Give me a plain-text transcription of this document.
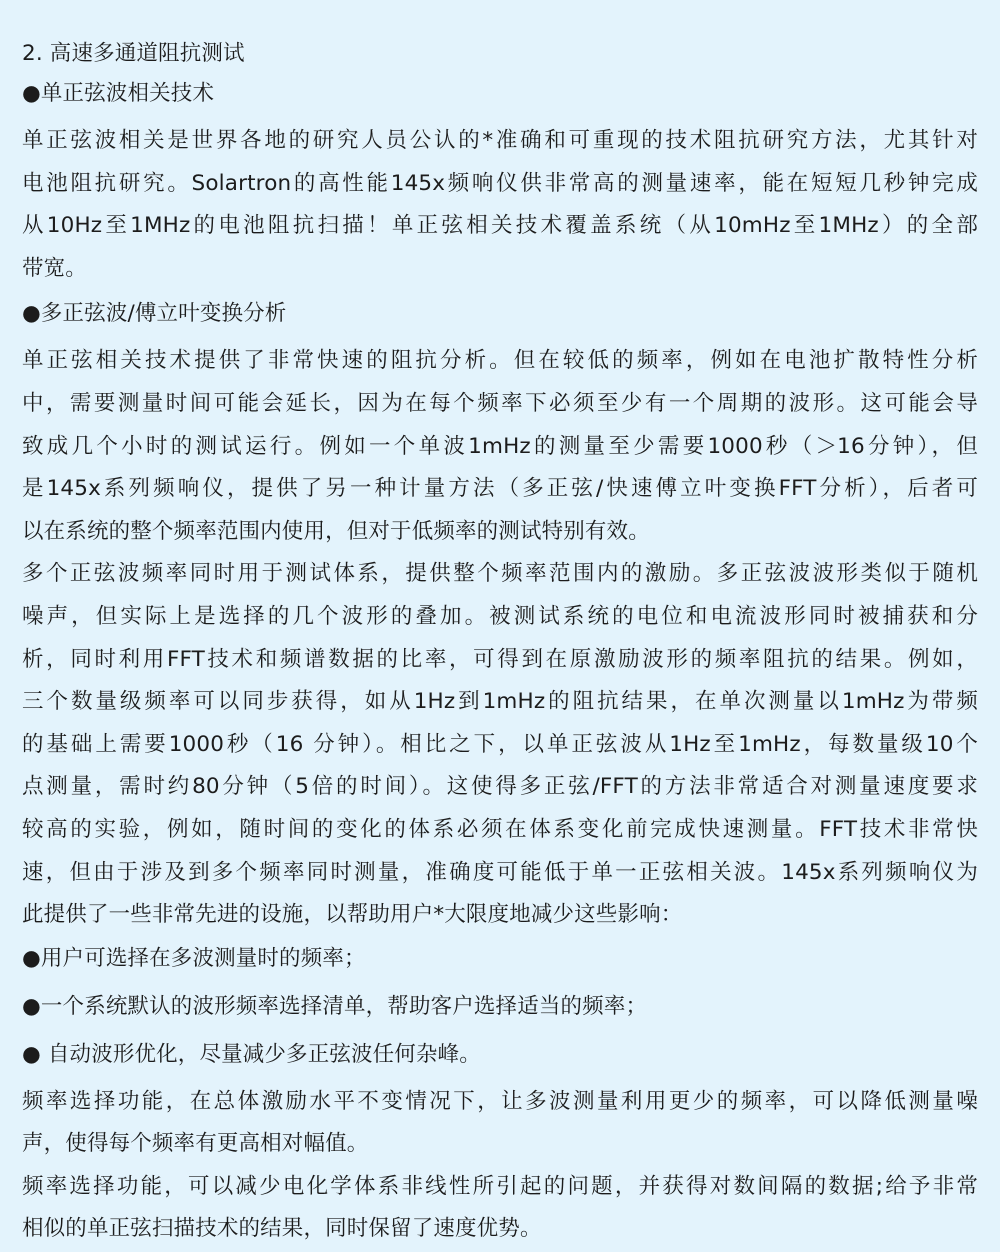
2. 高速多通道阻抗测试
●单正弦波相关技术
单正弦波相关是世界各地的研究人员公认的*准确和可重现的技术阻抗研究方法，尤其针对
电池阻抗研究。Solartron的高性能145x频响仪供非常高的测量速率，能在短短几秒钟完成
从10Hz至1MHz的电池阻抗扫描！单正弦相关技术覆盖系统（从10mHz至1MHz）的全部
带宽。
●多正弦波/傅立叶变换分析
单正弦相关技术提供了非常快速的阻抗分析。但在较低的频率，例如在电池扩散特性分析
中，需要测量时间可能会延长，因为在每个频率下必须至少有一个周期的波形。这可能会导
致成几个小时的测试运行。例如一个单波1mHz的测量至少需要1000秒（＞16分钟），但
是145x系列频响仪，提供了另一种计量方法（多正弦/快速傅立叶变换FFT分析），后者可
以在系统的整个频率范围内使用，但对于低频率的测试特别有效。
多个正弦波频率同时用于测试体系，提供整个频率范围内的激励。多正弦波波形类似于随机
噪声，但实际上是选择的几个波形的叠加。被测试系统的电位和电流波形同时被捕获和分
析，同时利用FFT技术和频谱数据的比率，可得到在原激励波形的频率阻抗的结果。例如，
三个数量级频率可以同步获得，如从1Hz到1mHz的阻抗结果，在单次测量以1mHz为带频
的基础上需要1000秒（16 分钟）。相比之下，以单正弦波从1Hz至1mHz，每数量级10个
点测量，需时约80分钟（5倍的时间）。这使得多正弦/FFT的方法非常适合对测量速度要求
较高的实验，例如，随时间的变化的体系必须在体系变化前完成快速测量。FFT技术非常快
速，但由于涉及到多个频率同时测量，准确度可能低于单一正弦相关波。145x系列频响仪为
此提供了一些非常先进的设施，以帮助用户*大限度地减少这些影响：
●用户可选择在多波测量时的频率；
●一个系统默认的波形频率选择清单，帮助客户选择适当的频率；
● 自动波形优化，尽量减少多正弦波任何杂峰。
频率选择功能，在总体激励水平不变情况下，让多波测量利用更少的频率，可以降低测量噪
声，使得每个频率有更高相对幅值。
频率选择功能，可以减少电化学体系非线性所引起的问题，并获得对数间隔的数据;给予非常
相似的单正弦扫描技术的结果，同时保留了速度优势。
